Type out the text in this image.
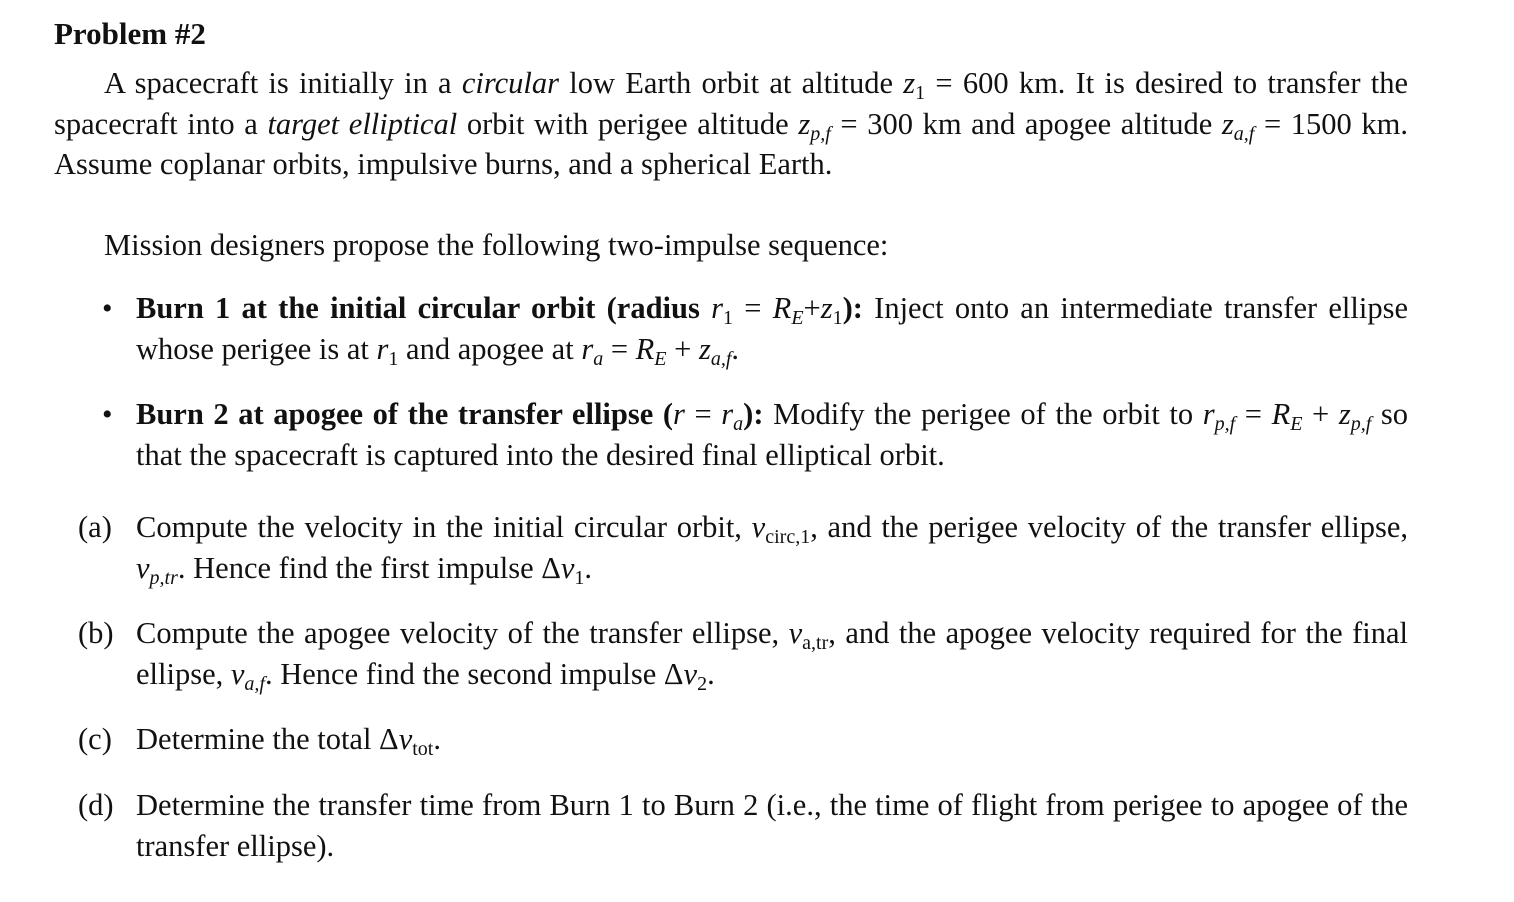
Problem #2

A spacecraft is initially in a circular low Earth orbit at altitude $z_1 = 600$ km. It is desired to transfer the spacecraft into a target elliptical orbit with perigee altitude $z_{p,f} = 300$ km and apogee altitude $z_{a,f} = 1500$ km. Assume coplanar orbits, impulsive burns, and a spherical Earth.

Mission designers propose the following two-impulse sequence:

• Burn 1 at the initial circular orbit (radius $r_1 = R_E+z_1$): Inject onto an intermediate transfer ellipse whose perigee is at $r_1$ and apogee at $r_a = R_E + z_{a,f}$.

• Burn 2 at apogee of the transfer ellipse $(r = r_a)$: Modify the perigee of the orbit to $r_{p,f} = R_E + z_{p,f}$ so that the spacecraft is captured into the desired final elliptical orbit.

(a) Compute the velocity in the initial circular orbit, $v_{circ,1}$, and the perigee velocity of the transfer ellipse, $v_{p,tr}$. Hence find the first impulse $\Delta v_1$.

(b) Compute the apogee velocity of the transfer ellipse, $v_{a,tr}$, and the apogee velocity required for the final ellipse, $v_{a,f}$. Hence find the second impulse $\Delta v_2$.

(c) Determine the total $\Delta v_{tot}$.

(d) Determine the transfer time from Burn 1 to Burn 2 (i.e., the time of flight from perigee to apogee of the transfer ellipse).
